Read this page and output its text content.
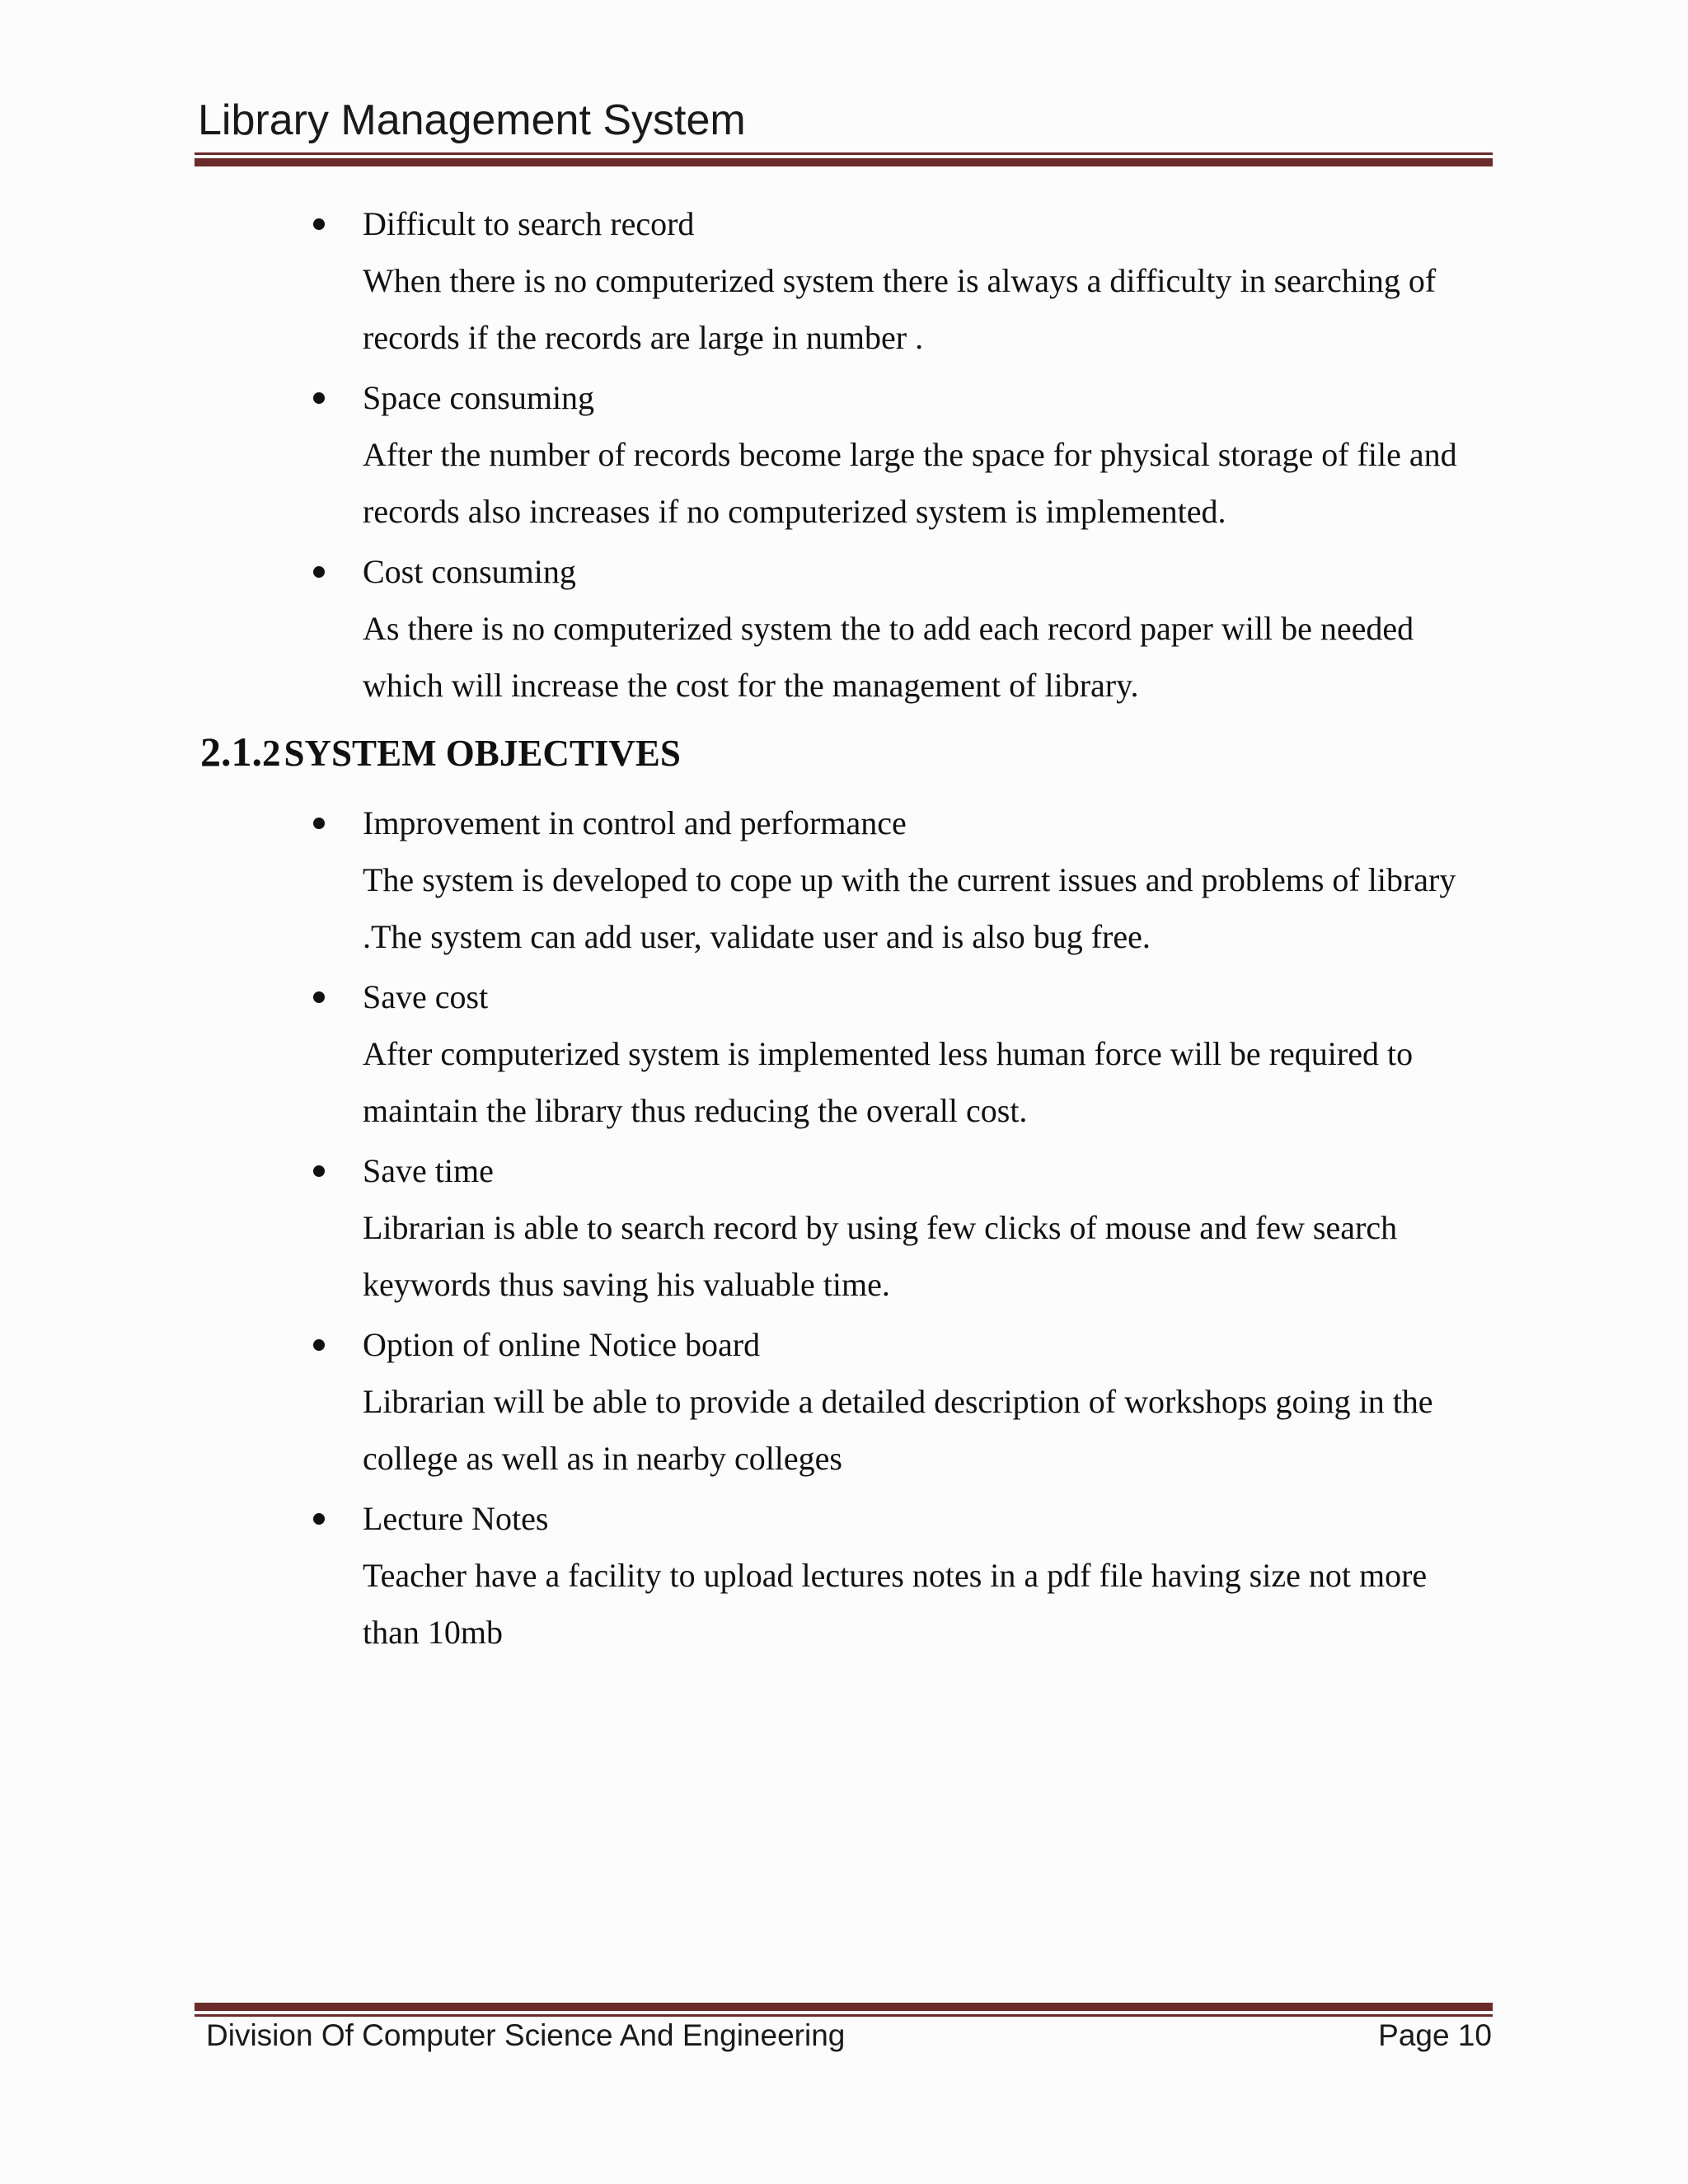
Library Management System
Difficult to search record
When there is no computerized system there is always a difficulty in searching of
records if the records are large in number .
Space consuming
After the number of records become large the space for physical storage of file and
records also increases if no computerized system is implemented.
Cost consuming
As there is no computerized system the to add each record paper will be needed
which will increase the cost for the management of library.
2.1.2 SYSTEM OBJECTIVES
Improvement in control and performance
The system is developed to cope up with the current issues and problems of library
.The system can add user, validate user and is also bug free.
Save cost
After computerized system is implemented less human force will be required to
maintain the library thus reducing the overall cost.
Save time
Librarian is able to search record by using few clicks of mouse and few search
keywords thus saving his valuable time.
Option of online Notice board
Librarian will be able to provide a detailed description of workshops going in the
college as well as in nearby colleges
Lecture Notes
Teacher have a facility to upload lectures notes in a pdf file having size not more
than 10mb
Division Of Computer Science And Engineering	Page 10
